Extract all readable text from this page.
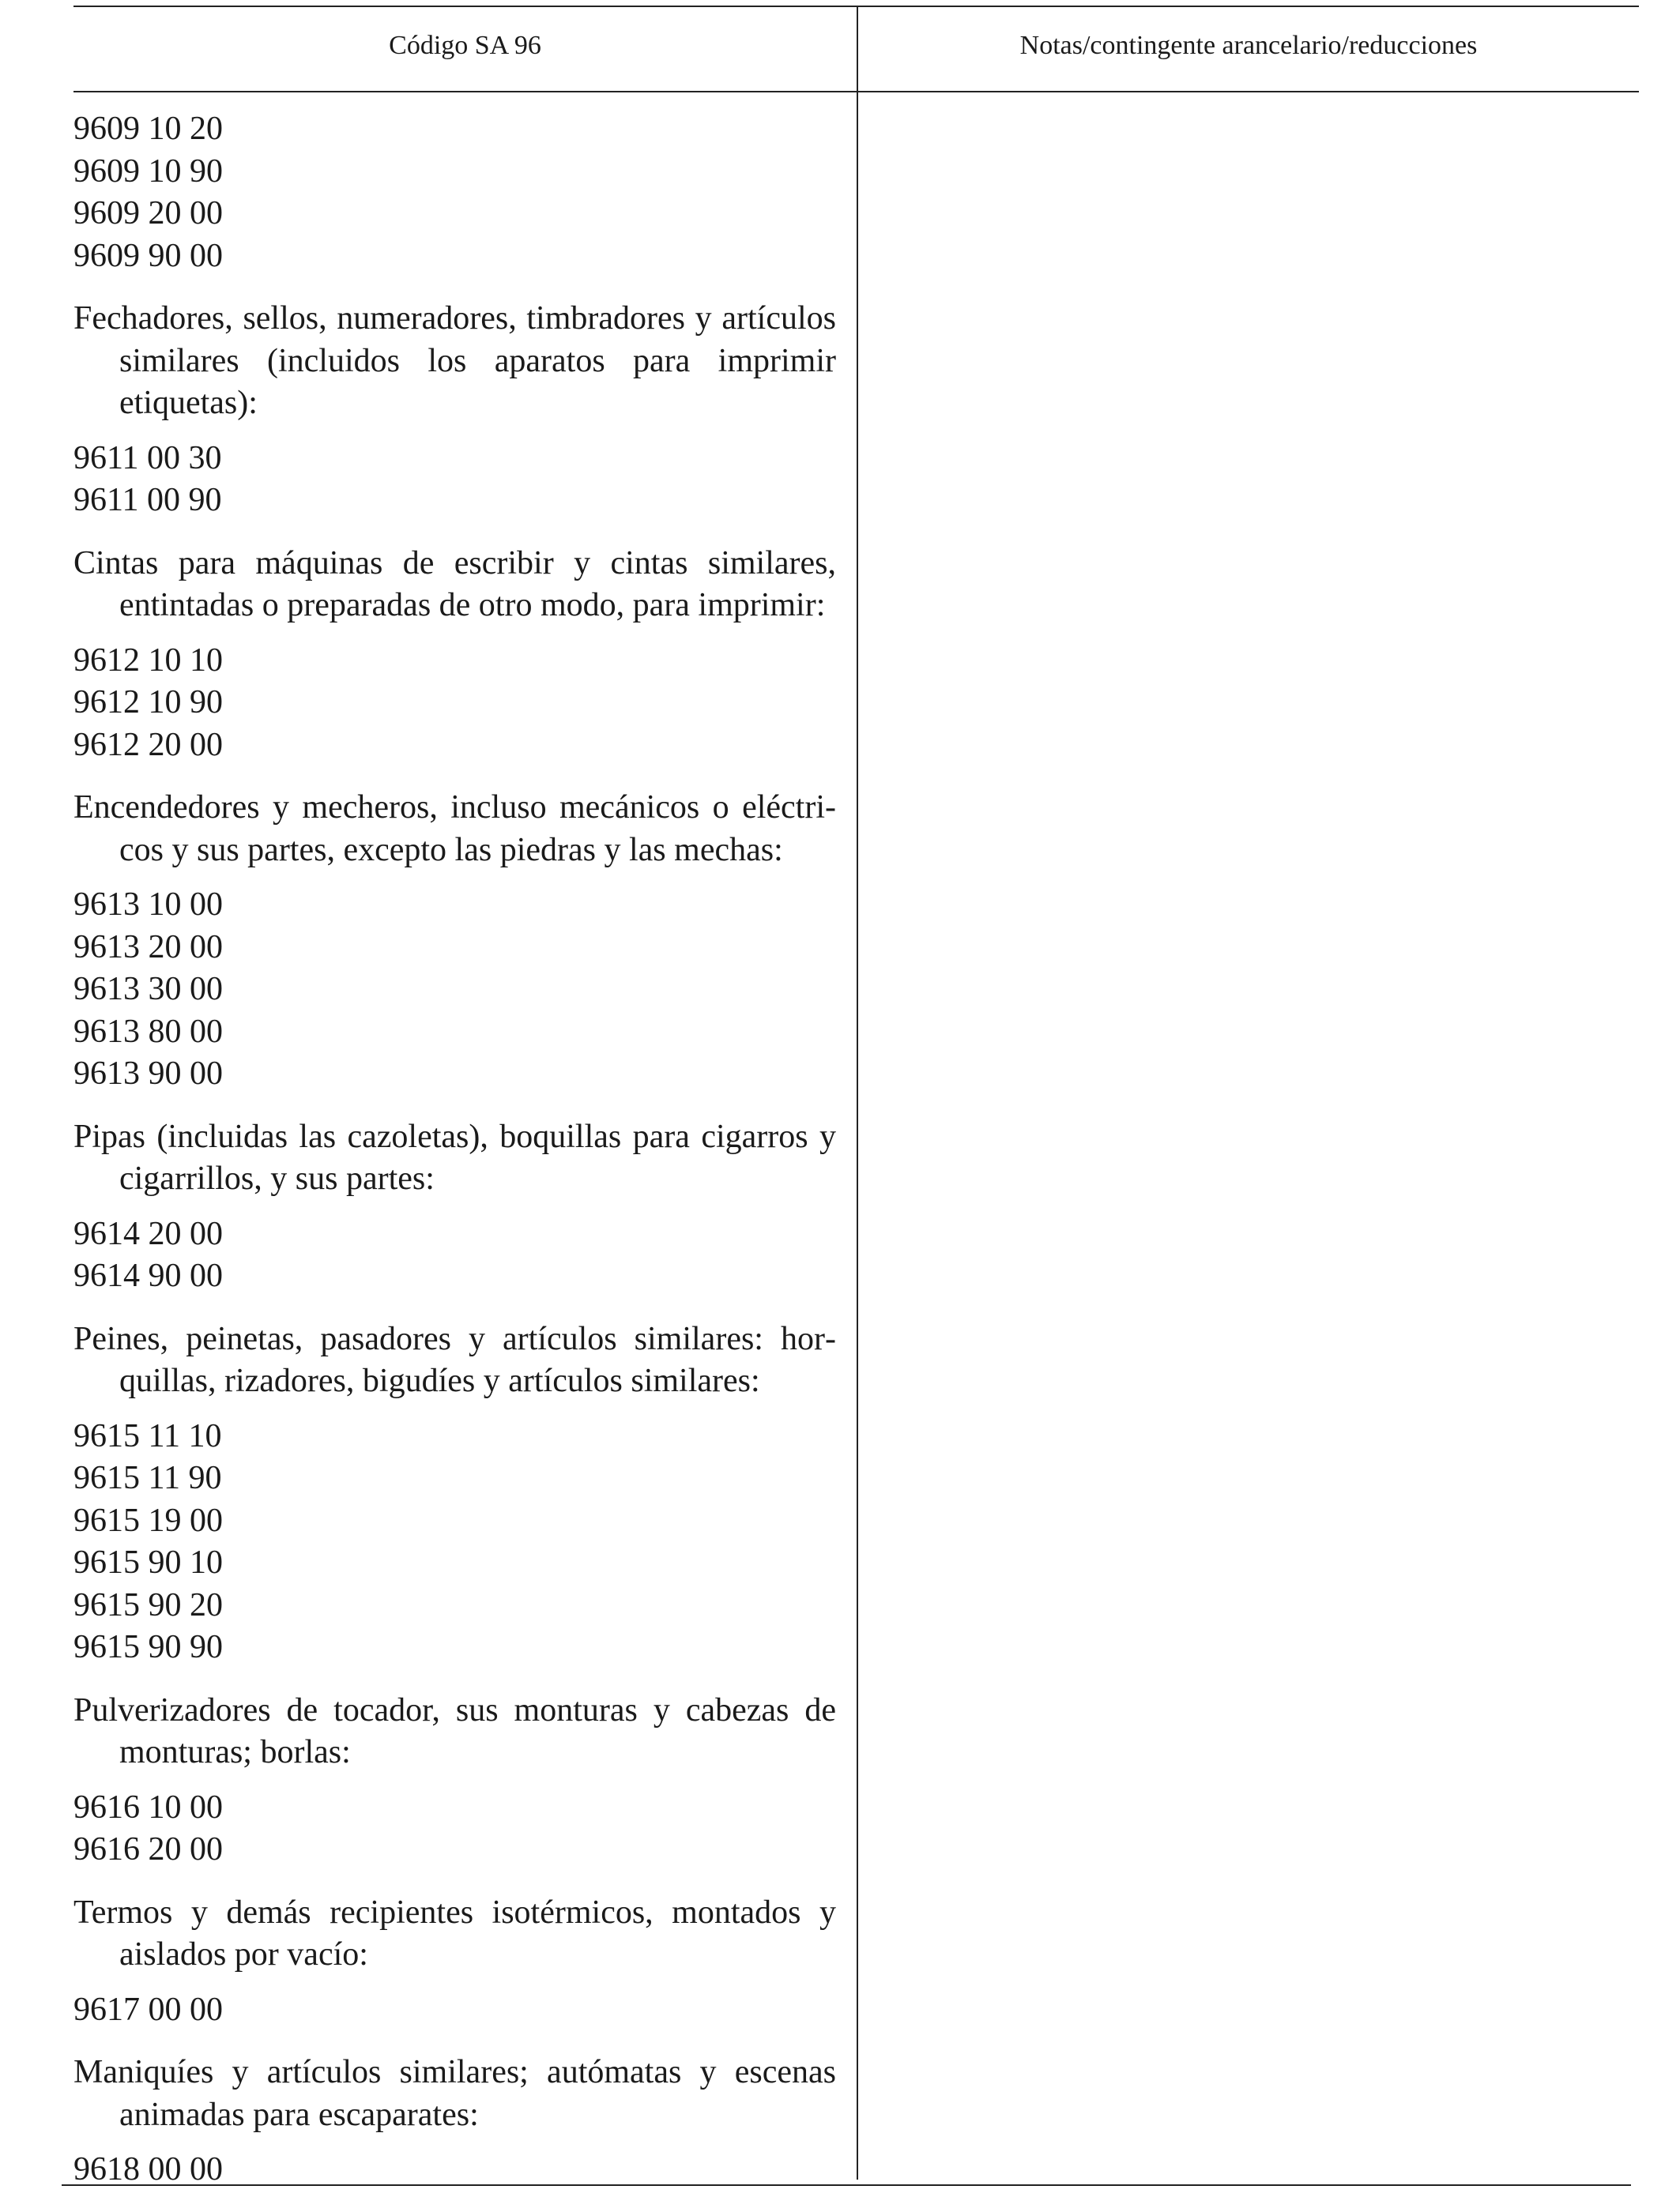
Código SA 96	Notas/contingente arancelario/reducciones
9609 10 20
9609 10 90
9609 20 00
9609 90 00
Fechadores, sellos, numeradores, timbradores y artículos similares (incluidos los aparatos para imprimir etiquetas):
9611 00 30
9611 00 90
Cintas para máquinas de escribir y cintas similares, entintadas o preparadas de otro modo, para imprimir:
9612 10 10
9612 10 90
9612 20 00
Encendedores y mecheros, incluso mecánicos o eléctricos y sus partes, excepto las piedras y las mechas:
9613 10 00
9613 20 00
9613 30 00
9613 80 00
9613 90 00
Pipas (incluidas las cazoletas), boquillas para cigarros y cigarrillos, y sus partes:
9614 20 00
9614 90 00
Peines, peinetas, pasadores y artículos similares: horquillas, rizadores, bigudíes y artículos similares:
9615 11 10
9615 11 90
9615 19 00
9615 90 10
9615 90 20
9615 90 90
Pulverizadores de tocador, sus monturas y cabezas de monturas; borlas:
9616 10 00
9616 20 00
Termos y demás recipientes isotérmicos, montados y aislados por vacío:
9617 00 00
Maniquíes y artículos similares; autómatas y escenas animadas para escaparates:
9618 00 00
